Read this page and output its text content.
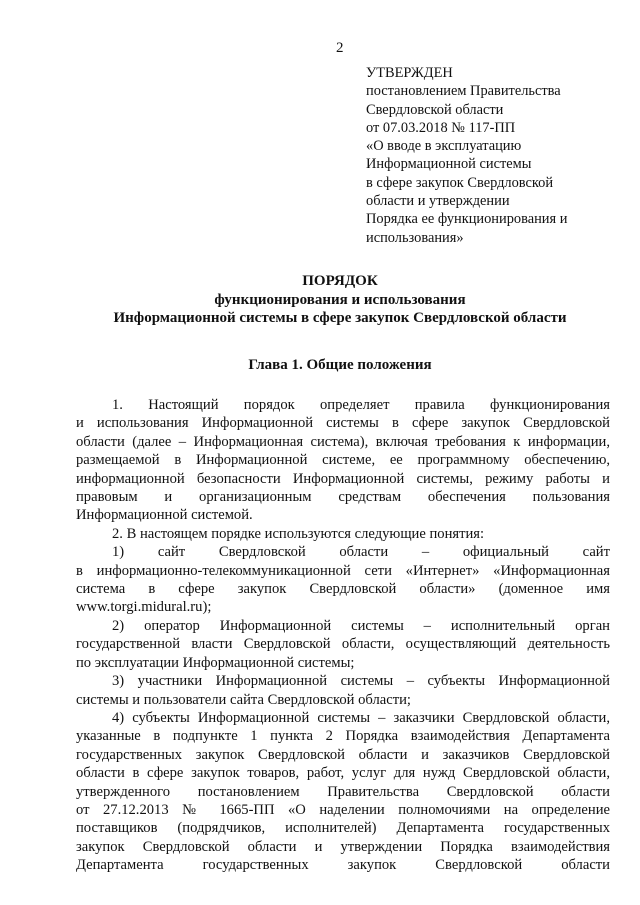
2
УТВЕРЖДЕН
постановлением Правительства
Свердловской области
от 07.03.2018 № 117-ПП
«О вводе в эксплуатацию
Информационной системы
в сфере закупок Свердловской
области и утверждении
Порядка ее функционирования и
использования»
ПОРЯДОК
функционирования и использования
Информационной системы в сфере закупок Свердловской области
Глава 1. Общие положения
1. Настоящий порядок определяет правила функционирования
и использования Информационной системы в сфере закупок Свердловской
области (далее – Информационная система), включая требования к информации,
размещаемой в Информационной системе, ее программному обеспечению,
информационной безопасности Информационной системы, режиму работы и
правовым и организационным средствам обеспечения пользования
Информационной системой.
2. В настоящем порядке используются следующие понятия:
1) сайт Свердловской области – официальный сайт
в информационно-телекоммуникационной сети «Интернет» «Информационная
система в сфере закупок Свердловской области» (доменное имя
www.torgi.midural.ru);
2) оператор Информационной системы – исполнительный орган
государственной власти Свердловской области, осуществляющий деятельность
по эксплуатации Информационной системы;
3) участники Информационной системы – субъекты Информационной
системы и пользователи сайта Свердловской области;
4) субъекты Информационной системы – заказчики Свердловской области,
указанные в подпункте 1 пункта 2 Порядка взаимодействия Департамента
государственных закупок Свердловской области и заказчиков Свердловской
области в сфере закупок товаров, работ, услуг для нужд Свердловской области,
утвержденного постановлением Правительства Свердловской области
от 27.12.2013 № 1665-ПП «О наделении полномочиями на определение
поставщиков (подрядчиков, исполнителей) Департамента государственных
закупок Свердловской области и утверждении Порядка взаимодействия
Департамента государственных закупок Свердловской области
